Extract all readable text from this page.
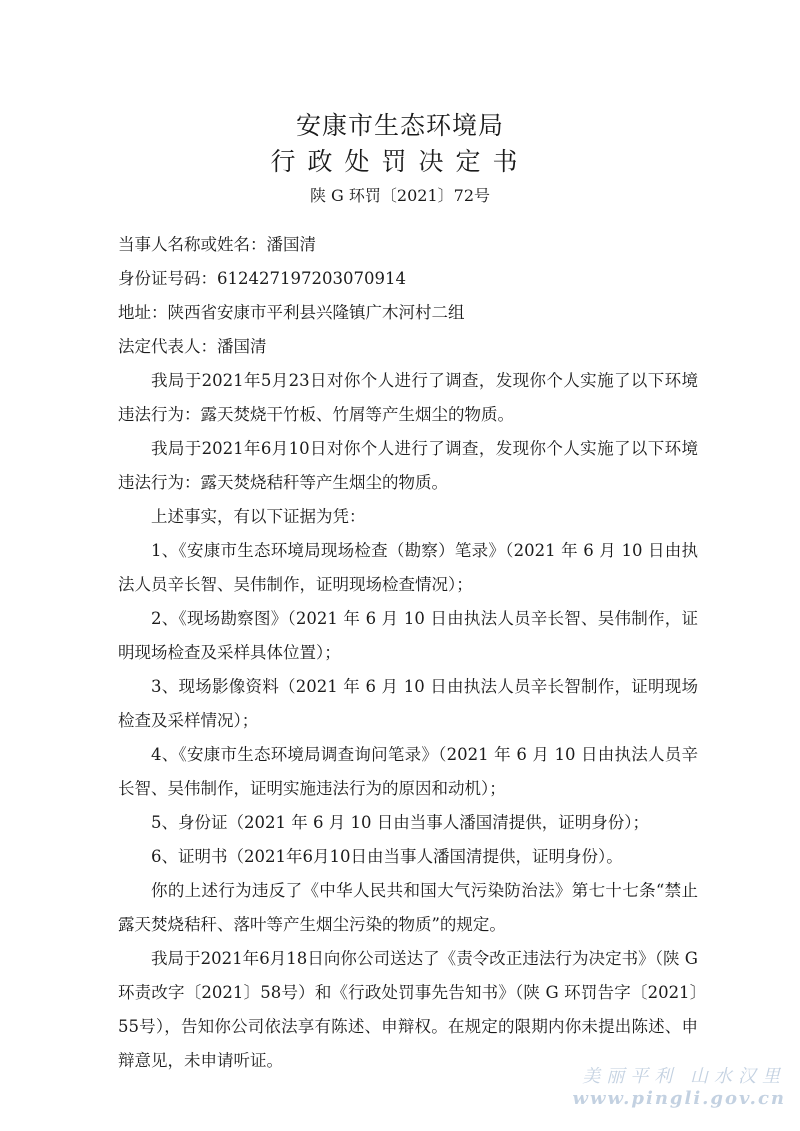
安康市生态环境局
行政处罚决定书
陕 G 环罚〔2021〕72号

当事人名称或姓名：潘国清

身份证号码：612427197203070914

地址：陕西省安康市平利县兴隆镇广木河村二组

法定代表人：潘国清

我局于2021年5月23日对你个人进行了调查，发现你个人实施了以下环境违法行为：露天焚烧干竹板、竹屑等产生烟尘的物质。

我局于2021年6月10日对你个人进行了调查，发现你个人实施了以下环境违法行为：露天焚烧秸秆等产生烟尘的物质。

上述事实，有以下证据为凭：

1、《安康市生态环境局现场检查（勘察）笔录》（2021 年 6 月 10 日由执法人员辛长智、吴伟制作，证明现场检查情况）；

2、《现场勘察图》（2021 年 6 月 10 日由执法人员辛长智、吴伟制作，证明现场检查及采样具体位置）；

3、现场影像资料（2021 年 6 月 10 日由执法人员辛长智制作，证明现场检查及采样情况）；

4、《安康市生态环境局调查询问笔录》（2021 年 6 月 10 日由执法人员辛长智、吴伟制作，证明实施违法行为的原因和动机）；

5、身份证（2021 年 6 月 10 日由当事人潘国清提供，证明身份）；

6、证明书（2021年6月10日由当事人潘国清提供，证明身份）。

你的上述行为违反了《中华人民共和国大气污染防治法》第七十七条“禁止露天焚烧秸秆、落叶等产生烟尘污染的物质”的规定。

我局于2021年6月18日向你公司送达了《责令改正违法行为决定书》（陕 G 环责改字〔2021〕58号）和《行政处罚事先告知书》（陕 G 环罚告字〔2021〕55号），告知你公司依法享有陈述、申辩权。在规定的限期内你未提出陈述、申辩意见，未申请听证。

美丽平利 山水汉里
www.pingli.gov.cn
